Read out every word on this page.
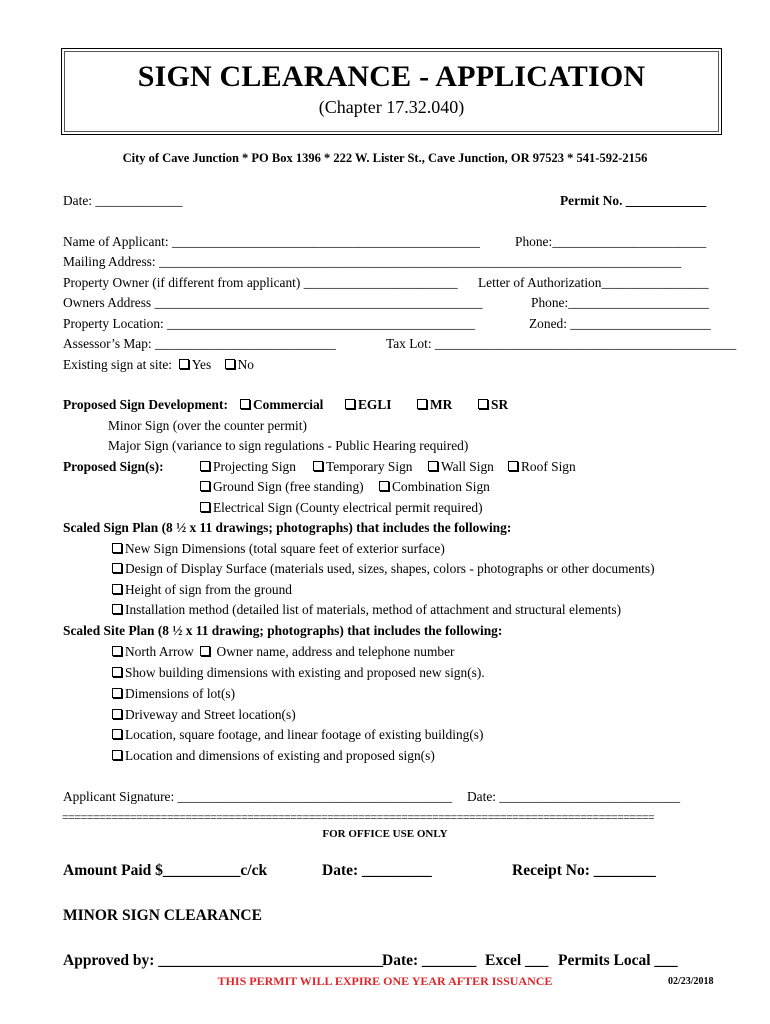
SIGN CLEARANCE - APPLICATION
(Chapter 17.32.040)
City of Cave Junction * PO Box 1396 * 222 W. Lister St., Cave Junction, OR 97523 * 541-592-2156
Date: _____________	Permit No. ____________
Name of Applicant: ______________________________________________	Phone:_______________________
Mailing Address: ______________________________________________________________________________
Property Owner (if different from applicant) _______________________ Letter of Authorization________________
Owners Address _________________________________________________	Phone:_____________________
Property Location: ______________________________________________	Zoned: _____________________
Assessor’s Map: ___________________________	Tax Lot: _____________________________________________
Existing sign at site: Yes No
Proposed Sign Development:	Commercial	EGLI	MR	SR
Minor Sign (over the counter permit)
Major Sign (variance to sign regulations - Public Hearing required)
Proposed Sign(s):	Projecting Sign	Temporary Sign	Wall Sign	Roof Sign
Ground Sign (free standing)	Combination Sign
Electrical Sign (County electrical permit required)
Scaled Sign Plan (8 ½ x 11 drawings; photographs) that includes the following:
New Sign Dimensions (total square feet of exterior surface)
Design of Display Surface (materials used, sizes, shapes, colors - photographs or other documents)
Height of sign from the ground
Installation method (detailed list of materials, method of attachment and structural elements)
Scaled Site Plan (8 ½ x 11 drawing; photographs) that includes the following:
North Arrow Owner name, address and telephone number
Show building dimensions with existing and proposed new sign(s).
Dimensions of lot(s)
Driveway and Street location(s)
Location, square footage, and linear footage of existing building(s)
Location and dimensions of existing and proposed sign(s)
Applicant Signature: _________________________________________ Date: ___________________________
================================================================================================
FOR OFFICE USE ONLY
Amount Paid $__________c/ck	Date: _________	Receipt No: ________
MINOR SIGN CLEARANCE
Approved by: _____________________________
Date: _______ Excel ___ Permits Local ___
THIS PERMIT WILL EXPIRE ONE YEAR AFTER ISSUANCE	02/23/2018
